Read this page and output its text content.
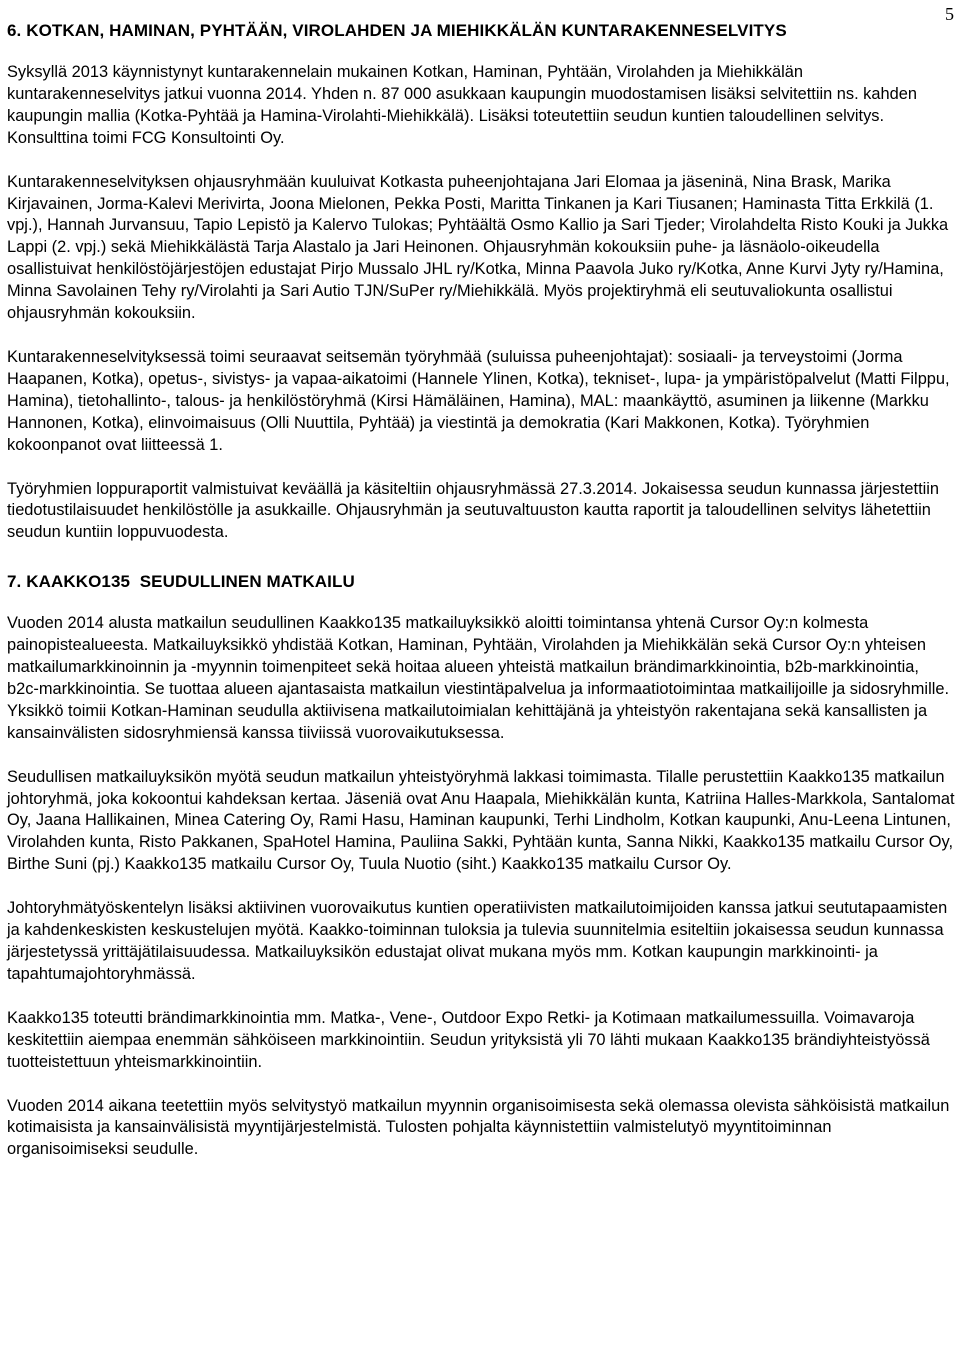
5
6. KOTKAN, HAMINAN, PYHTÄÄN, VIROLAHDEN JA MIEHIKKÄLÄN KUNTARAKENNESELVITYS

Syksyllä 2013 käynnistynyt kuntarakennelain mukainen Kotkan, Haminan, Pyhtään, Virolahden ja Miehikkälän kuntarakenneselvitys jatkui vuonna 2014. Yhden n. 87 000 asukkaan kaupungin muodostamisen lisäksi selvitettiin ns. kahden kaupungin mallia (Kotka-Pyhtää ja Hamina-Virolahti-Miehikkälä). Lisäksi toteutettiin seudun kuntien taloudellinen selvitys. Konsulttina toimi FCG Konsultointi Oy.

Kuntarakenneselvityksen ohjausryhmään kuuluivat Kotkasta puheenjohtajana Jari Elomaa ja jäseninä, Nina Brask, Marika Kirjavainen, Jorma-Kalevi Merivirta, Joona Mielonen, Pekka Posti, Maritta Tinkanen ja Kari Tiusanen; Haminasta Titta Erkkilä (1. vpj.), Hannah Jurvansuu, Tapio Lepistö ja Kalervo Tulokas; Pyhtäältä Osmo Kallio ja Sari Tjeder; Virolahdelta Risto Kouki ja Jukka Lappi (2. vpj.) sekä Miehikkälästä Tarja Alastalo ja Jari Heinonen. Ohjausryhmän kokouksiin puhe- ja läsnäolo-oikeudella osallistuivat henkilöstöjärjestöjen edustajat Pirjo Mussalo JHL ry/Kotka, Minna Paavola Juko ry/Kotka, Anne Kurvi Jyty ry/Hamina, Minna Savolainen Tehy ry/Virolahti ja Sari Autio TJN/SuPer ry/Miehikkälä. Myös projektiryhmä eli seutuvaliokunta osallistui ohjausryhmän kokouksiin.

Kuntarakenneselvityksessä toimi seuraavat seitsemän työryhmää (suluissa puheenjohtajat): sosiaali- ja terveystoimi (Jorma Haapanen, Kotka), opetus-, sivistys- ja vapaa-aikatoimi (Hannele Ylinen, Kotka), tekniset-, lupa- ja ympäristöpalvelut (Matti Filppu, Hamina), tietohallinto-, talous- ja henkilöstöryhmä (Kirsi Hämäläinen, Hamina), MAL: maankäyttö, asuminen ja liikenne (Markku Hannonen, Kotka), elinvoimaisuus (Olli Nuuttila, Pyhtää) ja viestintä ja demokratia (Kari Makkonen, Kotka). Työryhmien kokoonpanot ovat liitteessä 1.

Työryhmien loppuraportit valmistuivat keväällä ja käsiteltiin ohjausryhmässä 27.3.2014. Jokaisessa seudun kunnassa järjestettiin tiedotustilaisuudet henkilöstölle ja asukkaille. Ohjausryhmän ja seutuvaltuuston kautta raportit ja taloudellinen selvitys lähetettiin seudun kuntiin loppuvuodesta.

7. KAAKKO135  SEUDULLINEN MATKAILU

Vuoden 2014 alusta matkailun seudullinen Kaakko135 matkailuyksikkö aloitti toimintansa yhtenä Cursor Oy:n kolmesta painopistealueesta. Matkailuyksikkö yhdistää Kotkan, Haminan, Pyhtään, Virolahden ja Miehikkälän sekä Cursor Oy:n yhteisen matkailumarkkinoinnin ja -myynnin toimenpiteet sekä hoitaa alueen yhteistä matkailun brändimarkkinointia, b2b-markkinointia, b2c-markkinointia. Se tuottaa alueen ajantasaista matkailun viestintäpalvelua ja informaatiotoimintaa matkailijoille ja sidosryhmille. Yksikkö toimii Kotkan-Haminan seudulla aktiivisena matkailutoimialan kehittäjänä ja yhteistyön rakentajana sekä kansallisten ja kansainvälisten sidosryhmiensä kanssa tiiviissä vuorovaikutuksessa.

Seudullisen matkailuyksikön myötä seudun matkailun yhteistyöryhmä lakkasi toimimasta. Tilalle perustettiin Kaakko135 matkailun johtoryhmä, joka kokoontui kahdeksan kertaa. Jäseniä ovat Anu Haapala, Miehikkälän kunta, Katriina Halles-Markkola, Santalomat Oy, Jaana Hallikainen, Minea Catering Oy, Rami Hasu, Haminan kaupunki, Terhi Lindholm, Kotkan kaupunki, Anu-Leena Lintunen, Virolahden kunta, Risto Pakkanen, SpaHotel Hamina, Pauliina Sakki, Pyhtään kunta, Sanna Nikki, Kaakko135 matkailu Cursor Oy, Birthe Suni (pj.) Kaakko135 matkailu Cursor Oy, Tuula Nuotio (siht.) Kaakko135 matkailu Cursor Oy.

Johtoryhmätyöskentelyn lisäksi aktiivinen vuorovaikutus kuntien operatiivisten matkailutoimijoiden kanssa jatkui seututapaamisten ja kahdenkeskisten keskustelujen myötä. Kaakko-toiminnan tuloksia ja tulevia suunnitelmia esiteltiin jokaisessa seudun kunnassa järjestetyssä yrittäjätilaisuudessa. Matkailuyksikön edustajat olivat mukana myös mm. Kotkan kaupungin markkinointi- ja tapahtumajohtoryhmässä.

Kaakko135 toteutti brändimarkkinointia mm. Matka-, Vene-, Outdoor Expo Retki- ja Kotimaan matkailumessuilla. Voimavaroja keskitettiin aiempaa enemmän sähköiseen markkinointiin. Seudun yrityksistä yli 70 lähti mukaan Kaakko135 brändiyhteistyössä tuotteistettuun yhteismarkkinointiin.

Vuoden 2014 aikana teetettiin myös selvitystyö matkailun myynnin organisoimisesta sekä olemassa olevista sähköisistä matkailun kotimaisista ja kansainvälisistä myyntijärjestelmistä. Tulosten pohjalta käynnistettiin valmistelutyö myyntitoiminnan organisoimiseksi seudulle.
